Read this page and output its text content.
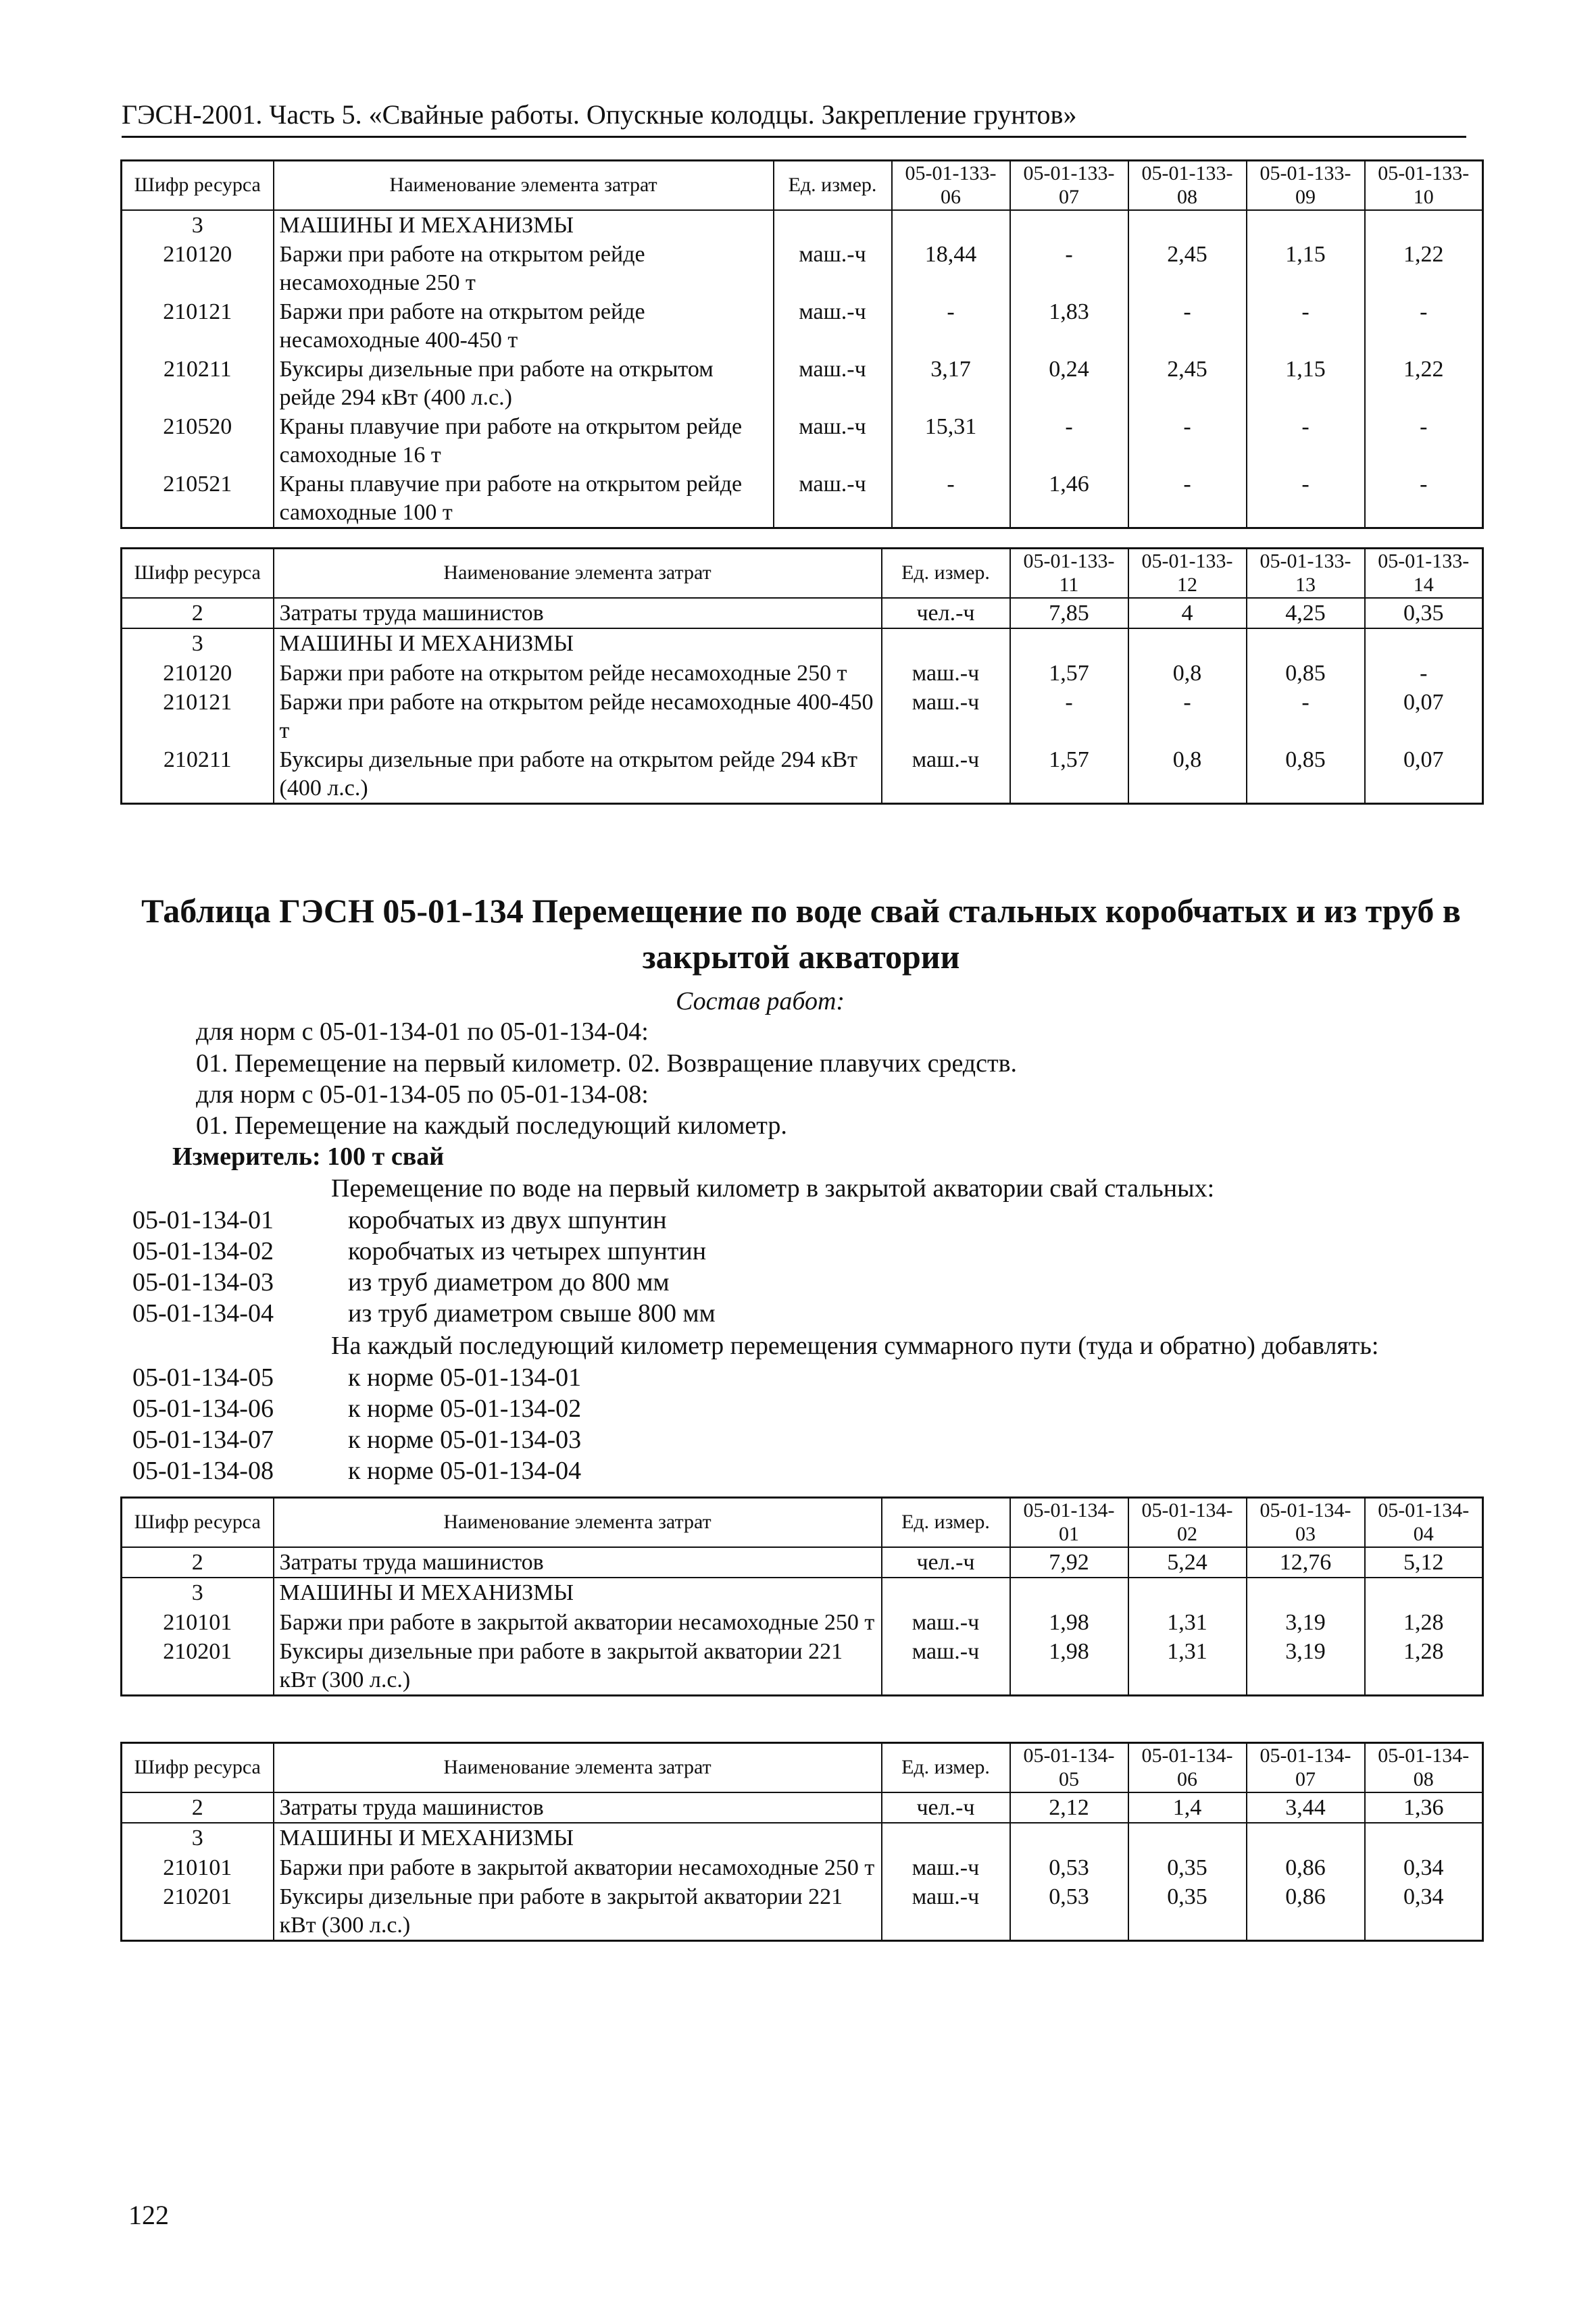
ГЭСН-2001. Часть 5. «Свайные работы. Опускные колодцы. Закрепление грунтов»
Шифр ресурса	Наименование элемента затрат	Ед. измер.	05-01-133-06	05-01-133-07	05-01-133-08	05-01-133-09	05-01-133-10
3	МАШИНЫ И МЕХАНИЗМЫ						
210120	Баржи при работе на открытом рейде несамоходные 250 т	маш.-ч	18,44	-	2,45	1,15	1,22
210121	Баржи при работе на открытом рейде несамоходные 400-450 т	маш.-ч	-	1,83	-	-	-
210211	Буксиры дизельные при работе на открытом рейде 294 кВт (400 л.с.)	маш.-ч	3,17	0,24	2,45	1,15	1,22
210520	Краны плавучие при работе на открытом рейде самоходные 16 т	маш.-ч	15,31	-	-	-	-
210521	Краны плавучие при работе на открытом рейде самоходные 100 т	маш.-ч	-	1,46	-	-	-
Шифр ресурса	Наименование элемента затрат	Ед. измер.	05-01-133-11	05-01-133-12	05-01-133-13	05-01-133-14
2	Затраты труда машинистов	чел.-ч	7,85	4	4,25	0,35
3	МАШИНЫ И МЕХАНИЗМЫ					
210120	Баржи при работе на открытом рейде несамоходные 250 т	маш.-ч	1,57	0,8	0,85	-
210121	Баржи при работе на открытом рейде несамоходные 400-450 т	маш.-ч	-	-	-	0,07
210211	Буксиры дизельные при работе на открытом рейде 294 кВт (400 л.с.)	маш.-ч	1,57	0,8	0,85	0,07
Таблица ГЭСН 05-01-134 Перемещение по воде свай стальных коробчатых и из труб в закрытой акватории
Состав работ:
для норм с 05-01-134-01 по 05-01-134-04:
01. Перемещение на первый километр. 02. Возвращение плавучих средств.
для норм с 05-01-134-05 по 05-01-134-08:
01. Перемещение на каждый последующий километр.
Измеритель: 100 т свай
Перемещение по воде на первый километр в закрытой акватории свай стальных:
05-01-134-01	коробчатых из двух шпунтин
05-01-134-02	коробчатых из четырех шпунтин
05-01-134-03	из труб диаметром до 800 мм
05-01-134-04	из труб диаметром свыше 800 мм
На каждый последующий километр перемещения суммарного пути (туда и обратно) добавлять:
05-01-134-05	к норме 05-01-134-01
05-01-134-06	к норме 05-01-134-02
05-01-134-07	к норме 05-01-134-03
05-01-134-08	к норме 05-01-134-04
Шифр ресурса	Наименование элемента затрат	Ед. измер.	05-01-134-01	05-01-134-02	05-01-134-03	05-01-134-04
2	Затраты труда машинистов	чел.-ч	7,92	5,24	12,76	5,12
3	МАШИНЫ И МЕХАНИЗМЫ					
210101	Баржи при работе в закрытой акватории несамоходные 250 т	маш.-ч	1,98	1,31	3,19	1,28
210201	Буксиры дизельные при работе в закрытой акватории 221 кВт (300 л.с.)	маш.-ч	1,98	1,31	3,19	1,28
Шифр ресурса	Наименование элемента затрат	Ед. измер.	05-01-134-05	05-01-134-06	05-01-134-07	05-01-134-08
2	Затраты труда машинистов	чел.-ч	2,12	1,4	3,44	1,36
3	МАШИНЫ И МЕХАНИЗМЫ					
210101	Баржи при работе в закрытой акватории несамоходные 250 т	маш.-ч	0,53	0,35	0,86	0,34
210201	Буксиры дизельные при работе в закрытой акватории 221 кВт (300 л.с.)	маш.-ч	0,53	0,35	0,86	0,34
122
